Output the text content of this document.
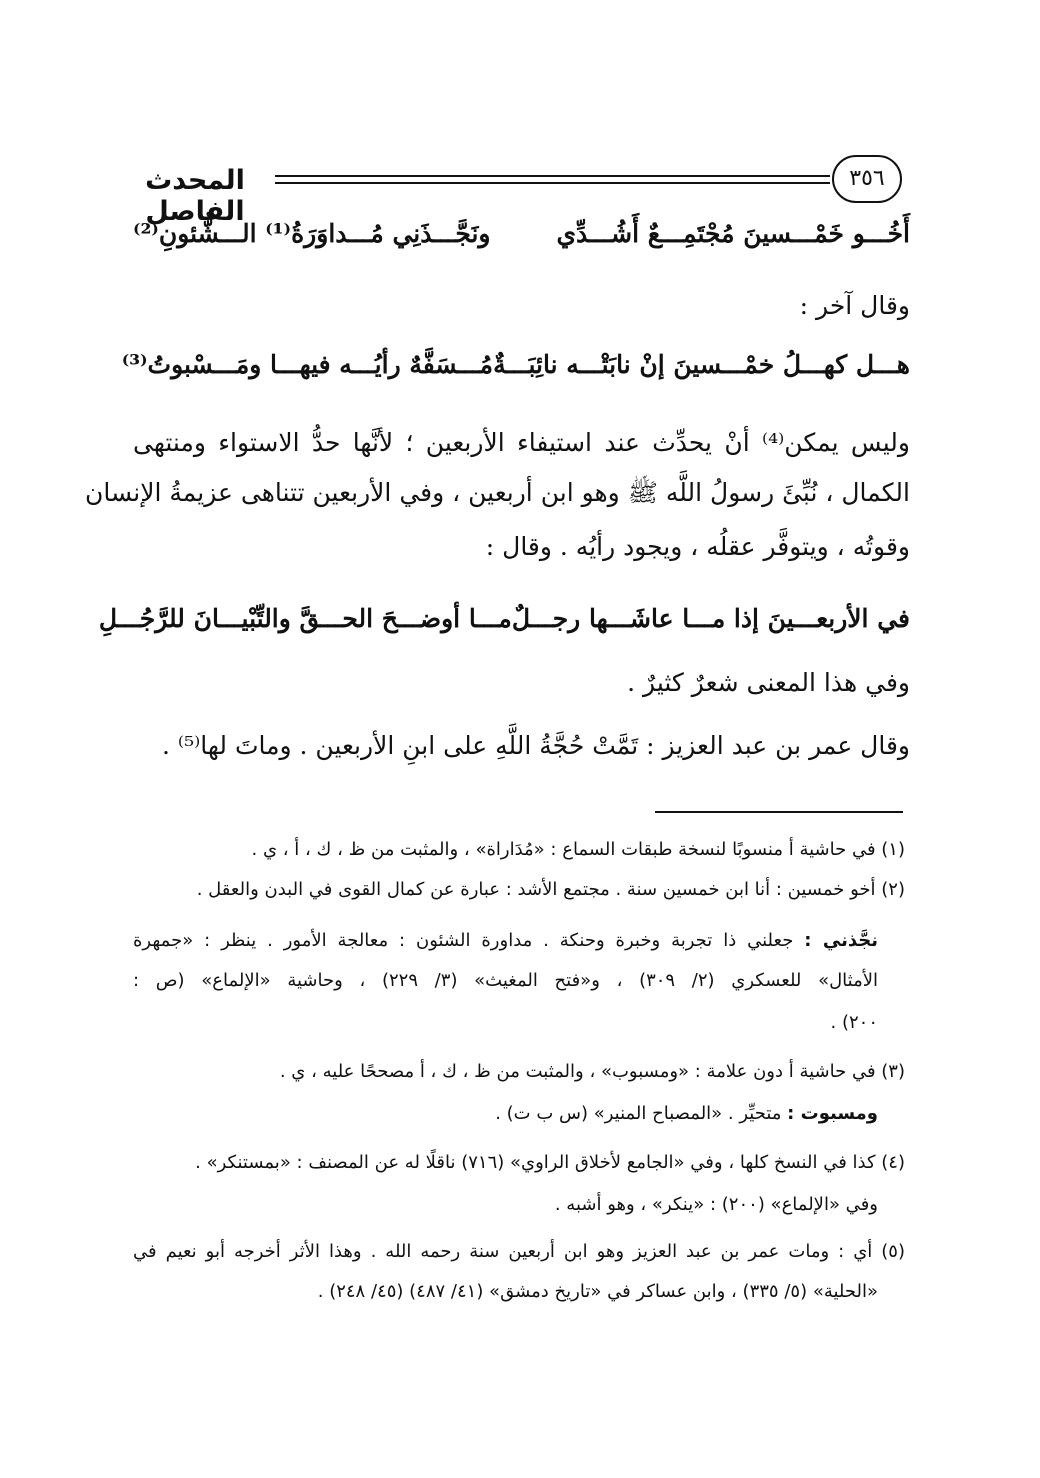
المحدث الفاصل
٣٥٦
أَخُـــو خَمْـــسينَ مُجْتَمِـــعٌ أَشُـــدِّي
ونَجَّـــذَنِي مُـــداوَرَةُ⁽¹⁾ الـــشُّئونِ⁽²⁾
وقال آخر :
هـــل كهـــلُ خمْـــسينَ إنْ نابَتْـــه نائِبَـــةٌ
مُـــسَفَّهٌ رأيُـــه فيهـــا ومَـــسْبوتُ⁽³⁾
وليس يمكن⁽⁴⁾ أنْ يحدِّث عند استيفاء الأربعين ؛ لأنَّها حدُّ الاستواء ومنتهى
الكمال ، نُبِّئَ رسولُ اللَّه ﷺ وهو ابن أربعين ، وفي الأربعين تتناهى عزيمةُ الإنسان
وقوتُه ، ويتوفَّر عقلُه ، ويجود رأيُه . وقال :
في الأربعـــينَ إذا مـــا عاشَـــها رجـــلٌ
مـــا أوضـــحَ الحـــقَّ والتِّبْيـــانَ للرَّجُـــلِ
وفي هذا المعنى شعرٌ كثيرٌ .
وقال عمر بن عبد العزيز : تَمَّتْ حُجَّةُ اللَّهِ على ابنِ الأربعين . وماتَ لها⁽⁵⁾ .
(١) في حاشية أ منسوبًا لنسخة طبقات السماع : «مُدَاراة» ، والمثبت من ظ ، ك ، أ ، ي .
(٢) أخو خمسين : أنا ابن خمسين سنة . مجتمع الأشد : عبارة عن كمال القوى في البدن والعقل .
نجَّذني : جعلني ذا تجربة وخبرة وحنكة . مداورة الشئون : معالجة الأمور . ينظر : «جمهرة
الأمثال» للعسكري (٢/ ٣٠٩) ، و«فتح المغيث» (٣/ ٢٢٩) ، وحاشية «الإلماع» (ص :
٢٠٠) .
(٣) في حاشية أ دون علامة : «ومسبوب» ، والمثبت من ظ ، ك ، أ مصححًا عليه ، ي .
ومسبوت : متحيِّر . «المصباح المنير» (س ب ت) .
(٤) كذا في النسخ كلها ، وفي «الجامع لأخلاق الراوي» (٧١٦) ناقلًا له عن المصنف : «بمستنكر» .
وفي «الإلماع» (٢٠٠) : «ينكر» ، وهو أشبه .
(٥) أي : ومات عمر بن عبد العزيز وهو ابن أربعين سنة رحمه الله . وهذا الأثر أخرجه أبو نعيم في
«الحلية» (٥/ ٣٣٥) ، وابن عساكر في «تاريخ دمشق» (٤١/ ٤٨٧) (٤٥/ ٢٤٨) .
